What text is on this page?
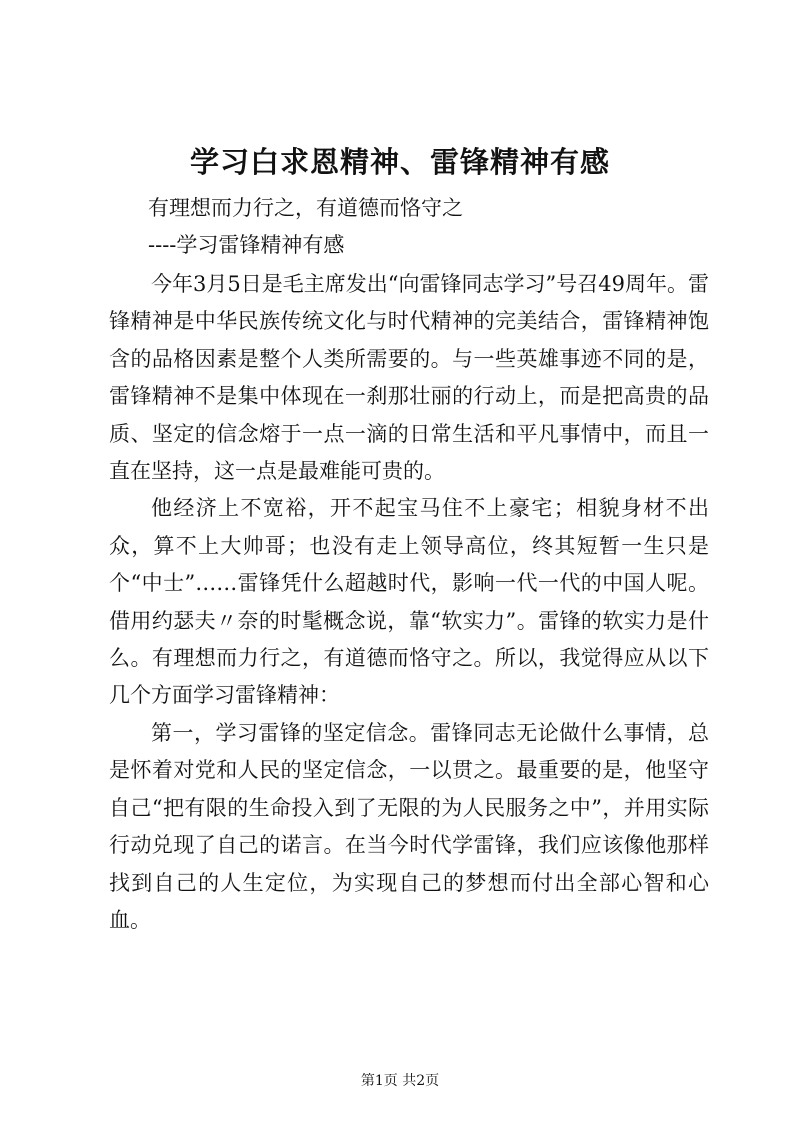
学习白求恩精神、雷锋精神有感
有理想而力行之，有道德而恪守之
----学习雷锋精神有感

今年3月5日是毛主席发出“向雷锋同志学习”号召49周年。雷锋精神是中华民族传统文化与时代精神的完美结合，雷锋精神饱含的品格因素是整个人类所需要的。与一些英雄事迹不同的是，雷锋精神不是集中体现在一刹那壮丽的行动上，而是把高贵的品质、坚定的信念熔于一点一滴的日常生活和平凡事情中，而且一直在坚持，这一点是最难能可贵的。

他经济上不宽裕，开不起宝马住不上豪宅；相貌身材不出众，算不上大帅哥；也没有走上领导高位，终其短暂一生只是个“中士”……雷锋凭什么超越时代，影响一代一代的中国人呢。借用约瑟夫〃奈的时髦概念说，靠“软实力”。雷锋的软实力是什么。有理想而力行之，有道德而恪守之。所以，我觉得应从以下几个方面学习雷锋精神：

第一，学习雷锋的坚定信念。雷锋同志无论做什么事情，总是怀着对党和人民的坚定信念，一以贯之。最重要的是，他坚守自己“把有限的生命投入到了无限的为人民服务之中”，并用实际行动兑现了自己的诺言。在当今时代学雷锋，我们应该像他那样找到自己的人生定位，为实现自己的梦想而付出全部心智和心血。

第1页 共2页
